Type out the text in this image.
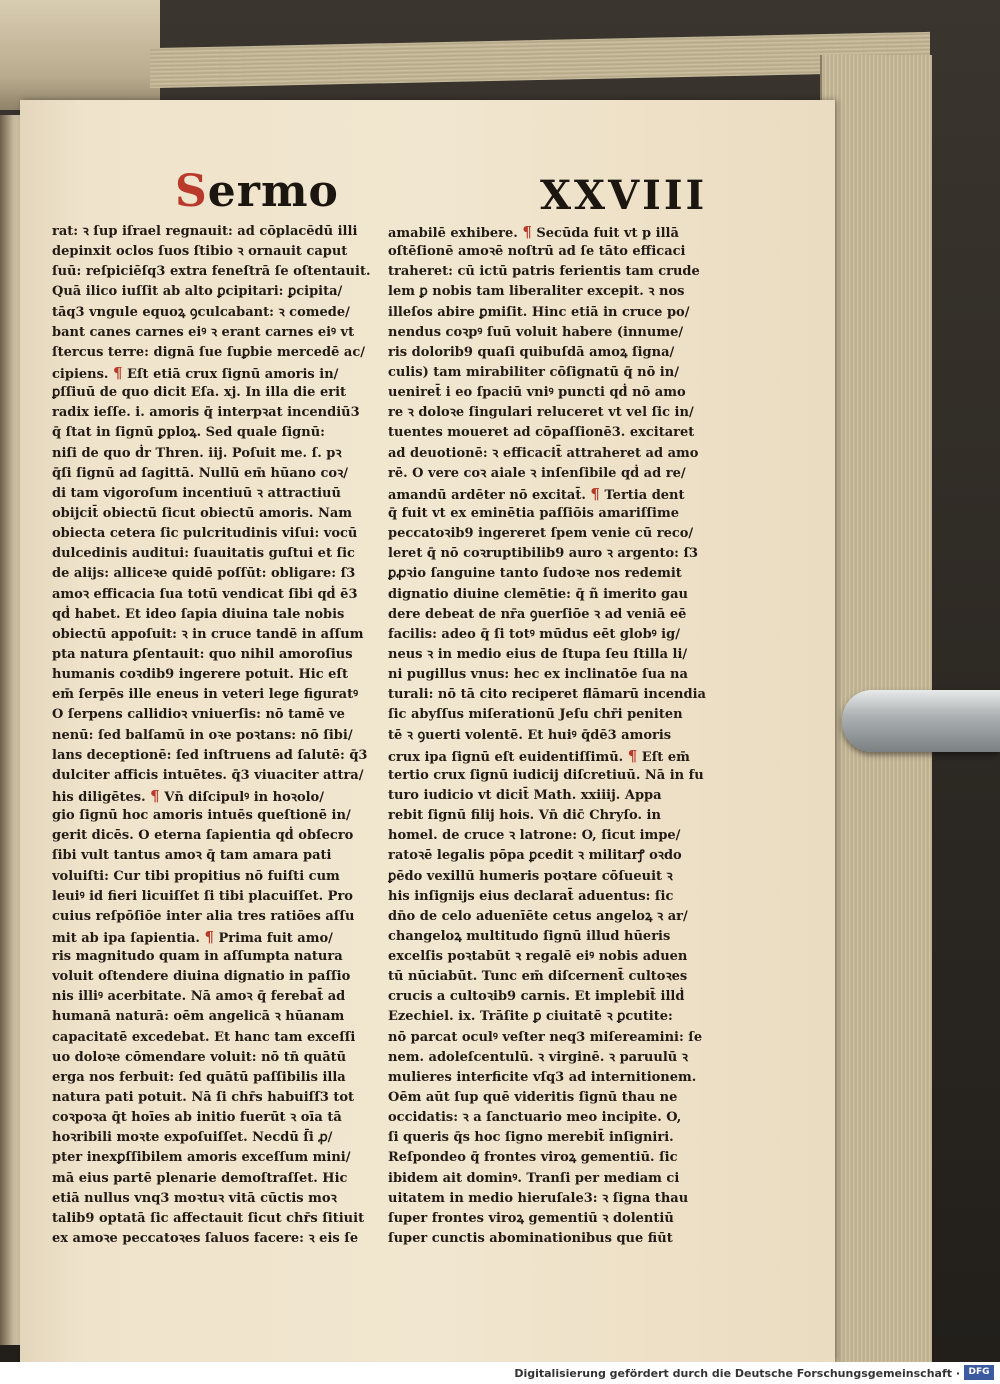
Sermo	XXVIII
rat: ꝛ ſup iſrael regnauit: ad cōplacēdū illi
depinxit oclos ſuos ſtibio ꝛ ornauit caput
ſuū: reſpiciēſq3 extra feneſtrā ſe oſtentauit.
Quā ilico iuſſit ab alto ꝑcipitari: ꝑcipita/
tāq3 vngule equoꝝ ꝯculcabant: ꝛ comede/
bant canes carnes eiꝰ ꝛ erant carnes eiꝰ vt
ſtercus terre: dignā ſue ſuꝑbie mercedē ac/
cipiens. ¶ Eſt etiā crux ſignū amoris in/
ꝑſſiuū de quo dicit Eſa. xj. In illa die erit
radix ieſſe. i. amoris q̄ interpꝛat incendiū3
q̄ ſtat in ſignū ꝑploꝝ. Sed quale ſignū:
niſi de quo ḋr Thren. iij. Poſuit me. ſ. pꝛ
q̄ſi ſignū ad ſagittā. Nullū em̄ hūano coꝛ/
di tam vigoroſum incentiuū ꝛ attractiuū
obijcit̄ obiectū ſicut obiectū amoris. Nam
obiecta cetera ſic pulcritudinis viſui: vocū
dulcedinis auditui: ſuauitatis guſtui et ſic
de alijs: alliceꝛe quidē poſſūt: obligare: ſ3
amoꝛ efficacia ſua totū vendicat ſibi qḋ ē3
qḋ habet. Et ideo ſapia diuina tale nobis
obiectū appoſuit: ꝛ in cruce tandē in aſſum
pta natura ꝑſentauit: quo nihil amoroſius
humanis coꝛdib9 ingerere potuit. Hic eſt
em̄ ſerpēs ille eneus in veteri lege figuratꝰ
O ſerpens callidioꝛ vniuerſis: nō tamē ve
nenū: ſed balſamū in oꝛe poꝛtans: nō ſibi/
lans deceptionē: ſed inſtruens ad ſalutē: q̄3
dulciter afficis intuētes. q̄3 viuaciter attra/
his diligētes. ¶ Vn̄ diſcipulꝰ in hoꝛolo/
gio ſignū hoc amoris intuēs queſtionē in/
gerit dicēs. O eterna ſapientia qḋ obſecro
ſibi vult tantus amoꝛ q̄ tam amara pati
voluiſti: Cur tibi propitius nō fuiſti cum
leuiꝰ id fieri licuiſſet ſi tibi placuiſſet. Pro
cuius reſpōſiōe inter alia tres ratiōes aſſu
mit ab ipa ſapientia. ¶ Prima fuit amo/
ris magnitudo quam in aſſumpta natura
voluit oſtendere diuina dignatio in paſſio
nis illiꝰ acerbitate. Nā amoꝛ q̄ ferebat̄ ad
humanā naturā: oēm angelicā ꝛ hūanam
capacitatē excedebat. Et hanc tam exceſſi
uo doloꝛe cōmendare voluit: nō tn̄ quātū
erga nos ferbuit: ſed quātū paſſibilis illa
natura pati potuit. Nā ſi chr̄s habuiſſ3 tot
coꝛpoꝛa q̄t hoīes ab initio fuerūt ꝛ oīa tā
hoꝛribili moꝛte expoſuiſſet. Necdū ſ̄i ꝓ/
pter inexꝑſſibilem amoris exceſſum mini/
mā eius partē plenarie demoſtraſſet. Hic
etiā nullus vnq3 moꝛtuꝛ vitā cūctis moꝛ
talib9 optatā ſic affectauit ſicut chr̄s ſitiuit
ex amoꝛe peccatoꝛes ſaluos facere: ꝛ eis ſe
amabilē exhibere. ¶ Secūda fuit vt p illā
oſtēſionē amoꝛē noſtrū ad ſe tāto efficaci
traheret: cū ictū patris ferientis tam crude
lem ꝑ nobis tam liberaliter excepit. ꝛ nos
illeſos abire ꝑmiſit. Hinc etiā in cruce po/
nendus coꝛpꝰ ſuū voluit habere (innume/
ris dolorib9 quaſi quibuſdā amoꝝ ſigna/
culis) tam mirabiliter cōſignatū q̄ nō in/
ueniret̄ i eo ſpaciū vniꝰ puncti qḋ nō amo
re ꝛ doloꝛe ſingulari reluceret vt vel ſic in/
tuentes moueret ad cōpaſſionē3. excitaret
ad deuotionē: ꝛ efficacit̄ attraheret ad amo
rē. O vere coꝛ aiale ꝛ inſenſibile qḋ ad re/
amandū ardēter nō excitat̄. ¶ Tertia dent
q̄ fuit vt ex eminētia paſſiōis amariſſime
peccatoꝛib9 ingereret ſpem venie cū reco/
leret q̄ nō coꝛruptibilib9 auro ꝛ argento: ſ3
ꝑꝓꝛio ſanguine tanto ſudoꝛe nos redemit
dignatio diuine clemētie: q̄ ñ imerito gau
dere debeat de nr̄a ꝯuerſiōe ꝛ ad veniā eē
facilis: adeo q̄ ſi totꝰ mūdus eēt globꝰ ig/
neus ꝛ in medio eius de ſtupa ſeu ſtilla li/
ni pugillus vnus: hec ex inclinatōe ſua na
turali: nō tā cito reciperet flāmarū incendia
ſic abyſſus miſerationū Jeſu chr̄i peniten
tē ꝛ ꝯuerti volentē. Et huiꝰ q̄dē3 amoris
crux ipa ſignū eſt euidentiſſimū. ¶ Eſt em̄
tertio crux ſignū iudicij diſcretiuū. Nā in fu
turo iudicio vt dicit̄ Math. xxiiij. Appa
rebit ſignū filij hois. Vn̄ dic̄ Chryſo. in
homel. de cruce ꝛ latrone: O, ſicut impe/
ratoꝛē legalis pōpa ꝑcedit ꝛ militarꝭ oꝛdo
ꝑēdo vexillū humeris poꝛtare cōſueuit ꝛ
his inſignijs eius declarat̄ aduentus: ſic
dn̄o de celo aduenīēte cetus angeloꝝ ꝛ ar/
changeloꝝ multitudo ſignū illud hūeris
excelſis poꝛtabūt ꝛ regalē eiꝰ nobis aduen
tū nūciabūt. Tunc em̄ diſcernent̄ cultoꝛes
crucis a cultoꝛib9 carnis. Et implebit̄ illḋ
Ezechiel. ix. Trāſite ꝑ ciuitatē ꝛ ꝑcutite:
nō parcat oculꝰ veſter neq3 miſereamini: ſe
nem. adoleſcentulū. ꝛ virginē. ꝛ paruulū ꝛ
mulieres interficite vſq3 ad internitionem.
Oēm aūt ſup quē videritis ſignū thau ne
occidatis: ꝛ a ſanctuario meo incipite. O,
ſi queris q̄s hoc ſigno merebit̄ inſigniri.
Reſpondeo q̄ frontes viroꝝ gementiū. ſic
ibidem ait dominꝰ. Tranſi per mediam ci
uitatem in medio hieruſale3: ꝛ ſigna thau
ſuper frontes viroꝝ gementiū ꝛ dolentiū
ſuper cunctis abominationibus que fiūt
Digitalisierung gefördert durch die Deutsche Forschungsgemeinschaft · DFG
